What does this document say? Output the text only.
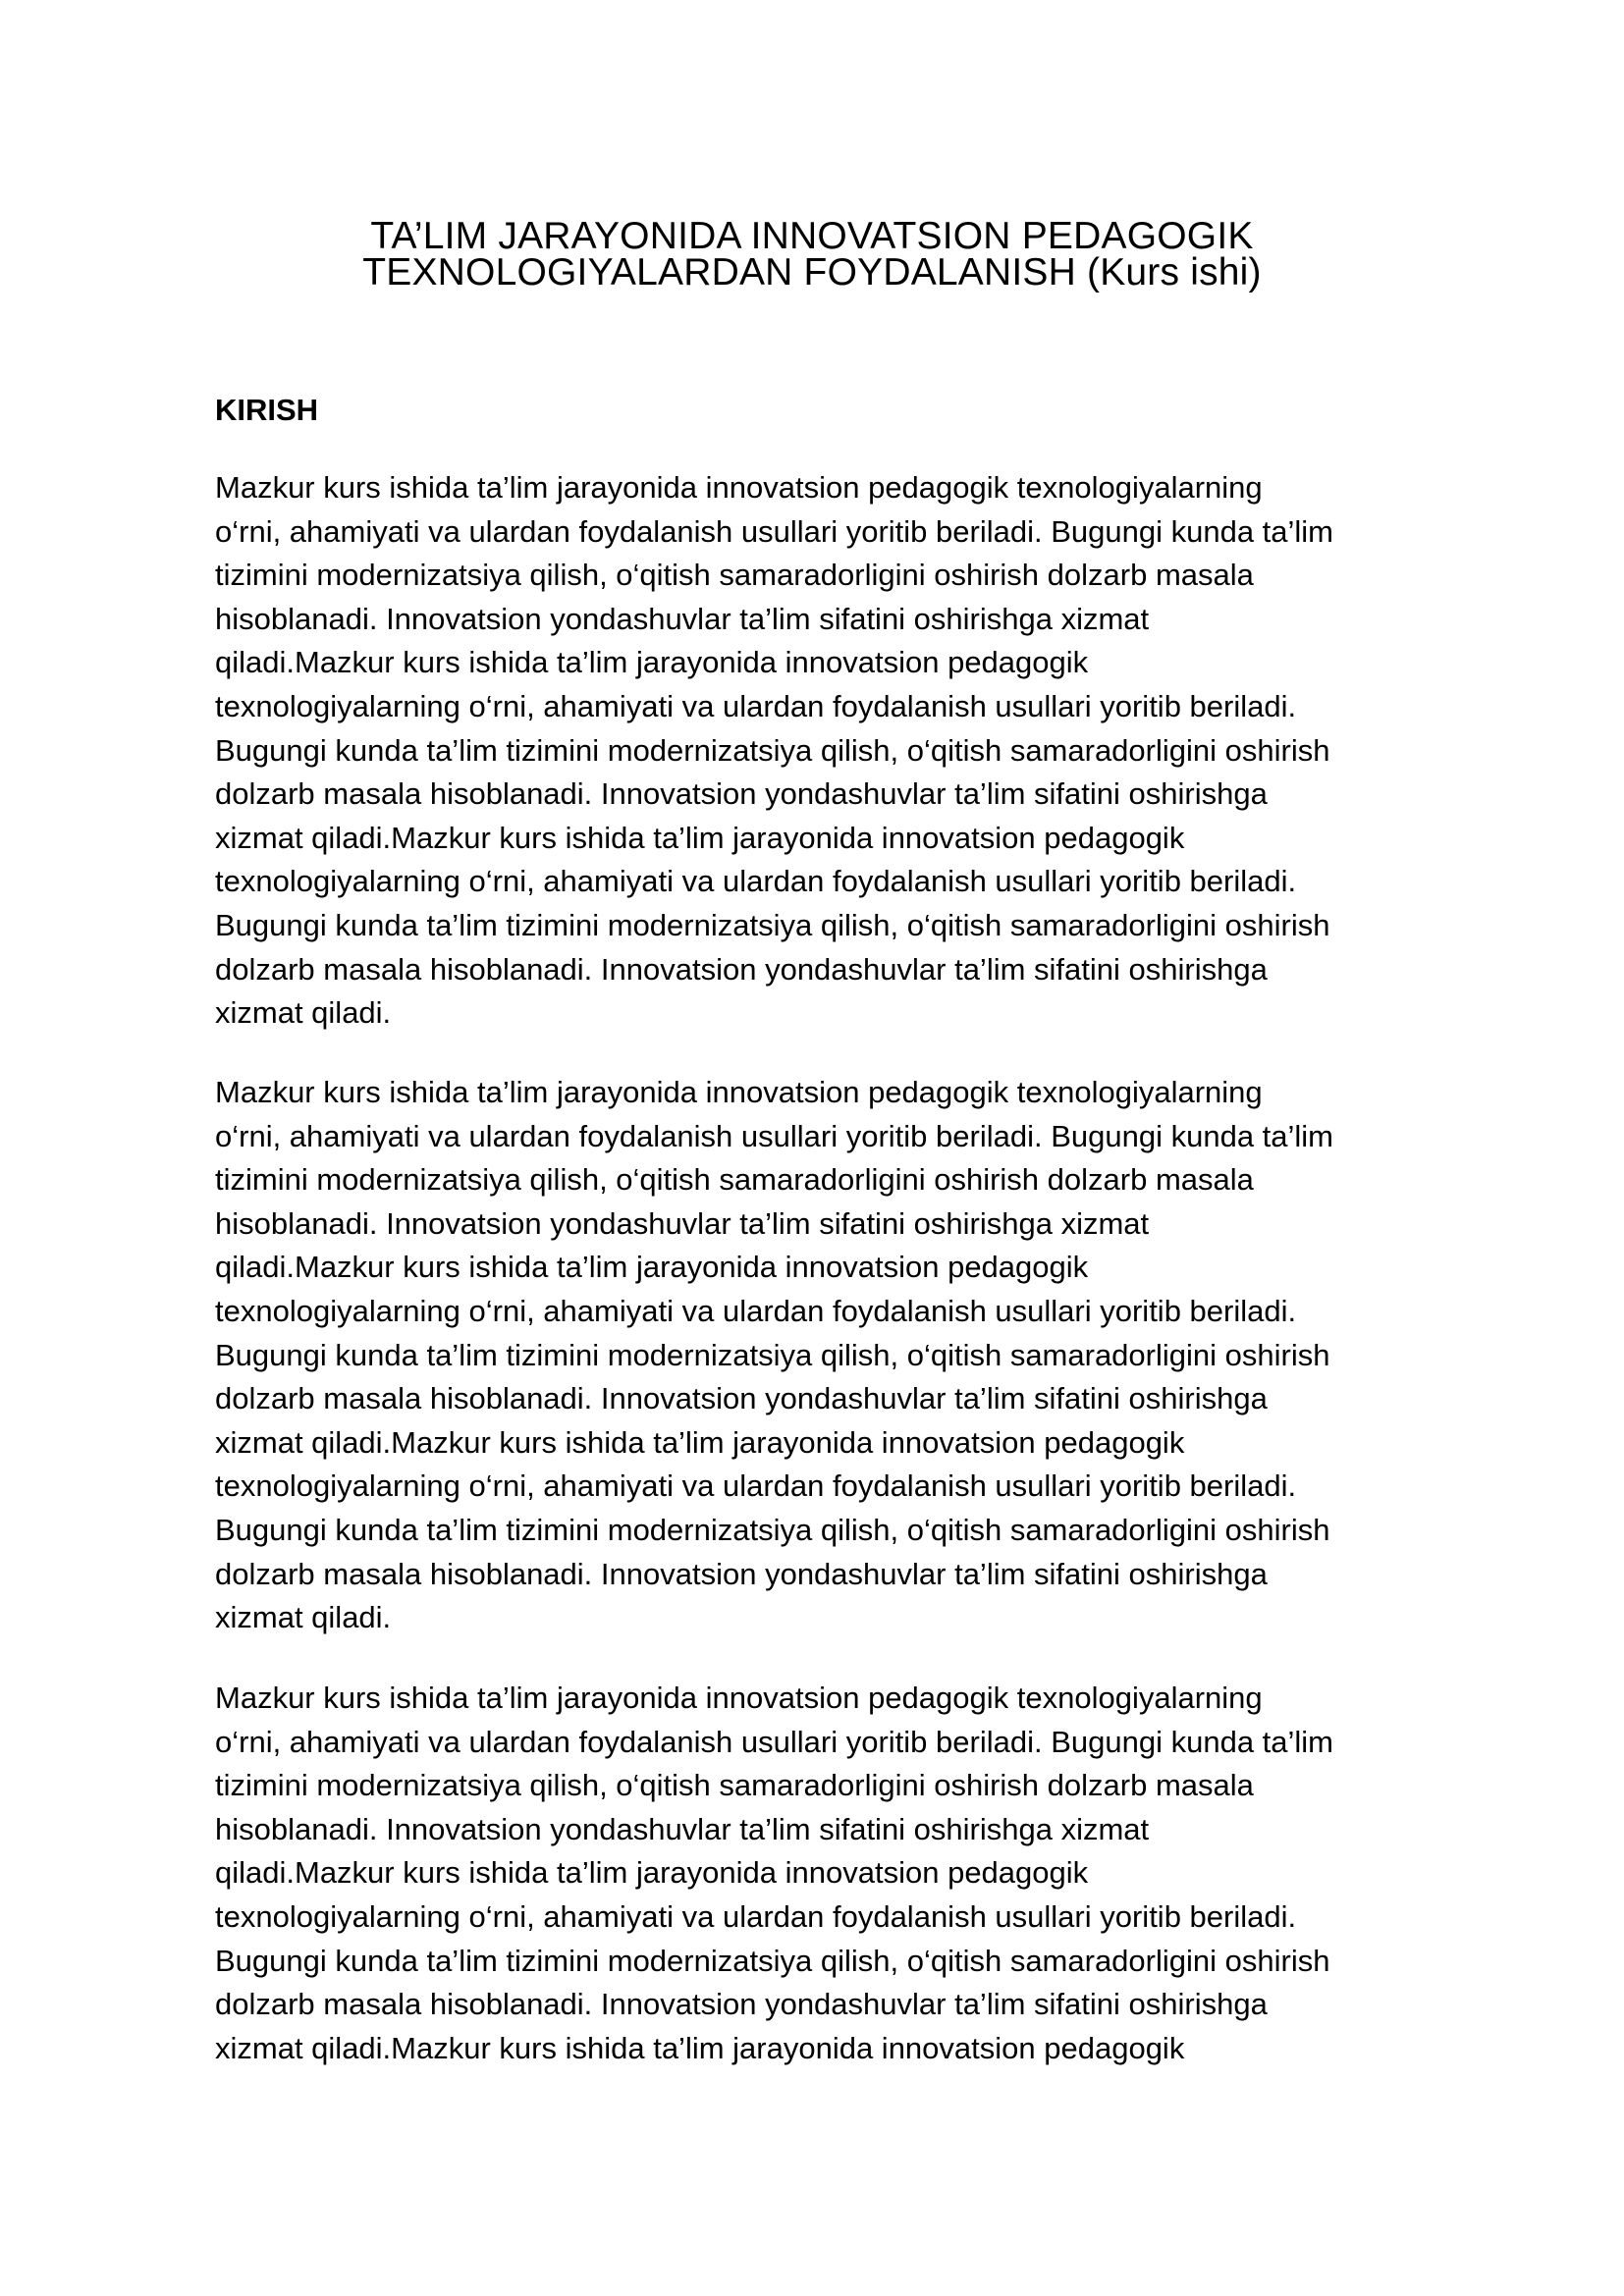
TA’LIM JARAYONIDA INNOVATSION PEDAGOGIK
TEXNOLOGIYALARDAN FOYDALANISH (Kurs ishi)
KIRISH
Mazkur kurs ishida ta’lim jarayonida innovatsion pedagogik texnologiyalarning
o‘rni, ahamiyati va ulardan foydalanish usullari yoritib beriladi. Bugungi kunda ta’lim
tizimini modernizatsiya qilish, o‘qitish samaradorligini oshirish dolzarb masala
hisoblanadi. Innovatsion yondashuvlar ta’lim sifatini oshirishga xizmat
qiladi.Mazkur kurs ishida ta’lim jarayonida innovatsion pedagogik
texnologiyalarning o‘rni, ahamiyati va ulardan foydalanish usullari yoritib beriladi.
Bugungi kunda ta’lim tizimini modernizatsiya qilish, o‘qitish samaradorligini oshirish
dolzarb masala hisoblanadi. Innovatsion yondashuvlar ta’lim sifatini oshirishga
xizmat qiladi.Mazkur kurs ishida ta’lim jarayonida innovatsion pedagogik
texnologiyalarning o‘rni, ahamiyati va ulardan foydalanish usullari yoritib beriladi.
Bugungi kunda ta’lim tizimini modernizatsiya qilish, o‘qitish samaradorligini oshirish
dolzarb masala hisoblanadi. Innovatsion yondashuvlar ta’lim sifatini oshirishga
xizmat qiladi.
Mazkur kurs ishida ta’lim jarayonida innovatsion pedagogik texnologiyalarning
o‘rni, ahamiyati va ulardan foydalanish usullari yoritib beriladi. Bugungi kunda ta’lim
tizimini modernizatsiya qilish, o‘qitish samaradorligini oshirish dolzarb masala
hisoblanadi. Innovatsion yondashuvlar ta’lim sifatini oshirishga xizmat
qiladi.Mazkur kurs ishida ta’lim jarayonida innovatsion pedagogik
texnologiyalarning o‘rni, ahamiyati va ulardan foydalanish usullari yoritib beriladi.
Bugungi kunda ta’lim tizimini modernizatsiya qilish, o‘qitish samaradorligini oshirish
dolzarb masala hisoblanadi. Innovatsion yondashuvlar ta’lim sifatini oshirishga
xizmat qiladi.Mazkur kurs ishida ta’lim jarayonida innovatsion pedagogik
texnologiyalarning o‘rni, ahamiyati va ulardan foydalanish usullari yoritib beriladi.
Bugungi kunda ta’lim tizimini modernizatsiya qilish, o‘qitish samaradorligini oshirish
dolzarb masala hisoblanadi. Innovatsion yondashuvlar ta’lim sifatini oshirishga
xizmat qiladi.
Mazkur kurs ishida ta’lim jarayonida innovatsion pedagogik texnologiyalarning
o‘rni, ahamiyati va ulardan foydalanish usullari yoritib beriladi. Bugungi kunda ta’lim
tizimini modernizatsiya qilish, o‘qitish samaradorligini oshirish dolzarb masala
hisoblanadi. Innovatsion yondashuvlar ta’lim sifatini oshirishga xizmat
qiladi.Mazkur kurs ishida ta’lim jarayonida innovatsion pedagogik
texnologiyalarning o‘rni, ahamiyati va ulardan foydalanish usullari yoritib beriladi.
Bugungi kunda ta’lim tizimini modernizatsiya qilish, o‘qitish samaradorligini oshirish
dolzarb masala hisoblanadi. Innovatsion yondashuvlar ta’lim sifatini oshirishga
xizmat qiladi.Mazkur kurs ishida ta’lim jarayonida innovatsion pedagogik
